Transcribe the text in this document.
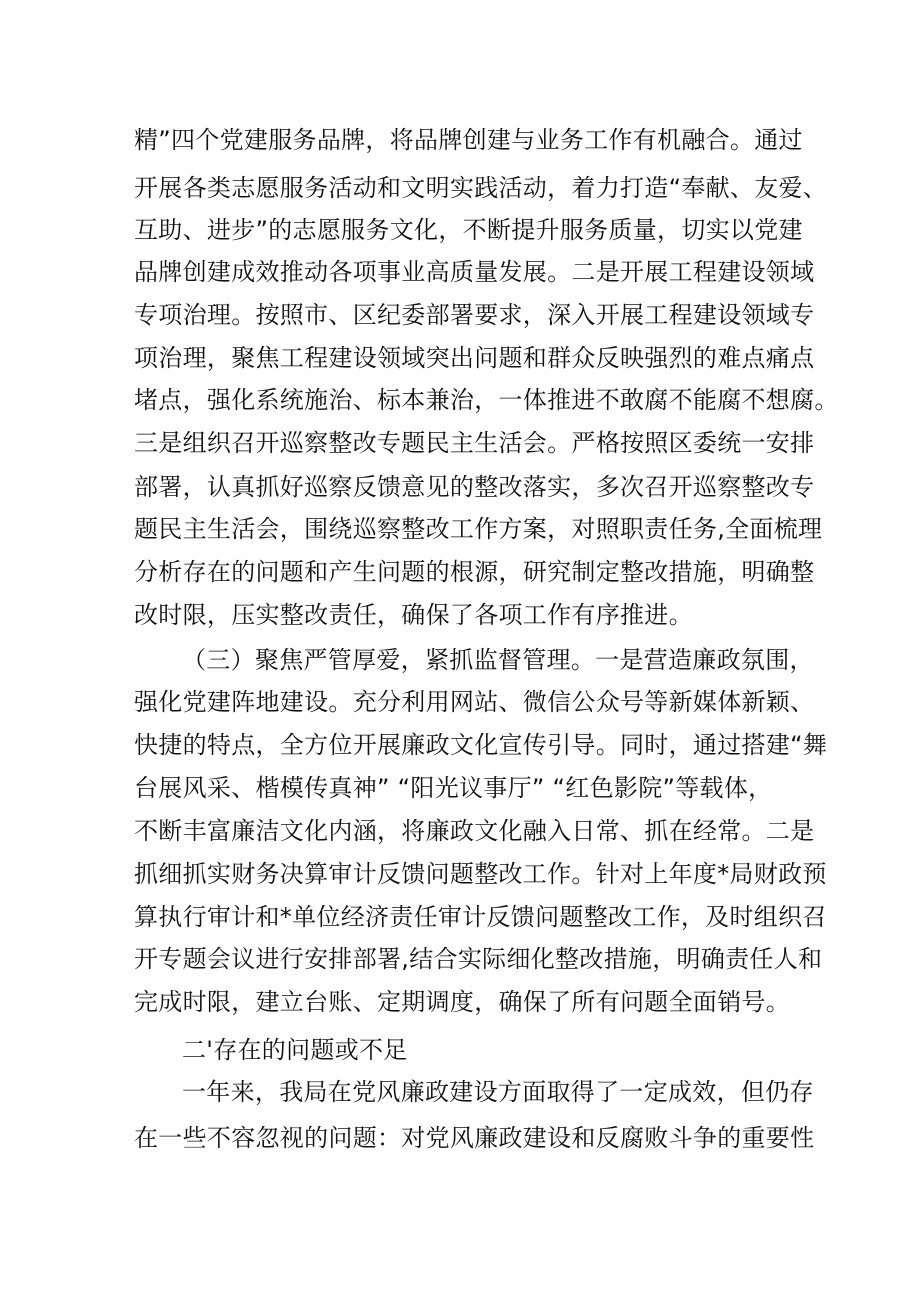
精”四个党建服务品牌，将品牌创建与业务工作有机融合。通过
开展各类志愿服务活动和文明实践活动，着力打造“奉献、友爱、
互助、进步”的志愿服务文化，不断提升服务质量，切实以党建
品牌创建成效推动各项事业高质量发展。二是开展工程建设领域
专项治理。按照市、区纪委部署要求，深入开展工程建设领域专
项治理，聚焦工程建设领域突出问题和群众反映强烈的难点痛点
堵点，强化系统施治、标本兼治，一体推进不敢腐不能腐不想腐。
三是组织召开巡察整改专题民主生活会。严格按照区委统一安排
部署，认真抓好巡察反馈意见的整改落实，多次召开巡察整改专
题民主生活会，围绕巡察整改工作方案，对照职责任务,全面梳理
分析存在的问题和产生问题的根源，研究制定整改措施，明确整
改时限，压实整改责任，确保了各项工作有序推进。
（三）聚焦严管厚爱，紧抓监督管理。一是营造廉政氛围，
强化党建阵地建设。充分利用网站、微信公众号等新媒体新颖、
快捷的特点，全方位开展廉政文化宣传引导。同时，通过搭建“舞
台展风采、楷模传真神” “阳光议事厅” “红色影院”等载体，
不断丰富廉洁文化内涵，将廉政文化融入日常、抓在经常。二是
抓细抓实财务决算审计反馈问题整改工作。针对上年度*局财政预
算执行审计和*单位经济责任审计反馈问题整改工作，及时组织召
开专题会议进行安排部署,结合实际细化整改措施，明确责任人和
完成时限，建立台账、定期调度，确保了所有问题全面销号。
二'存在的问题或不足
一年来，我局在党风廉政建设方面取得了一定成效，但仍存
在一些不容忽视的问题：对党风廉政建设和反腐败斗争的重要性
